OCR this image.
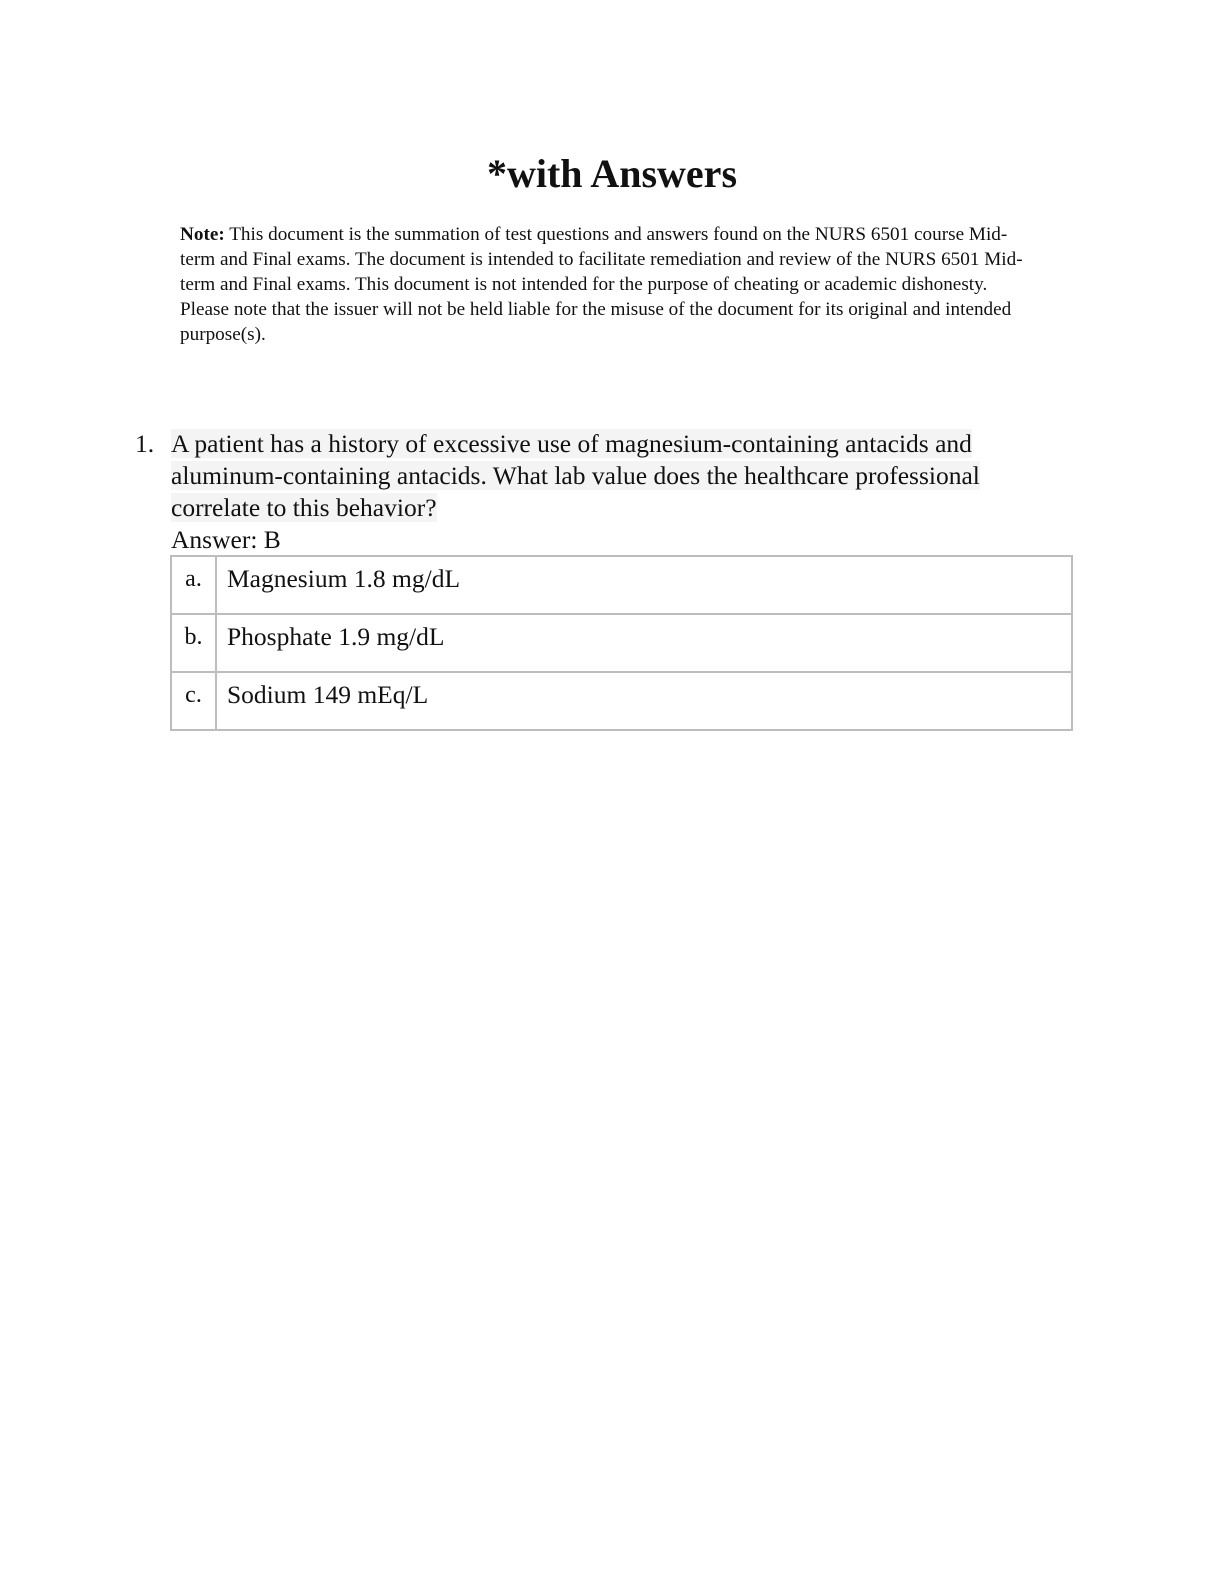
*with Answers

Note: This document is the summation of test questions and answers found on the NURS 6501 course Mid-term and Final exams. The document is intended to facilitate remediation and review of the NURS 6501 Mid-term and Final exams. This document is not intended for the purpose of cheating or academic dishonesty. Please note that the issuer will not be held liable for the misuse of the document for its original and intended purpose(s).

1. A patient has a history of excessive use of magnesium-containing antacids and aluminum-containing antacids. What lab value does the healthcare professional correlate to this behavior?
Answer: B
a.	Magnesium 1.8 mg/dL
b.	Phosphate 1.9 mg/dL
c.	Sodium 149 mEq/L
